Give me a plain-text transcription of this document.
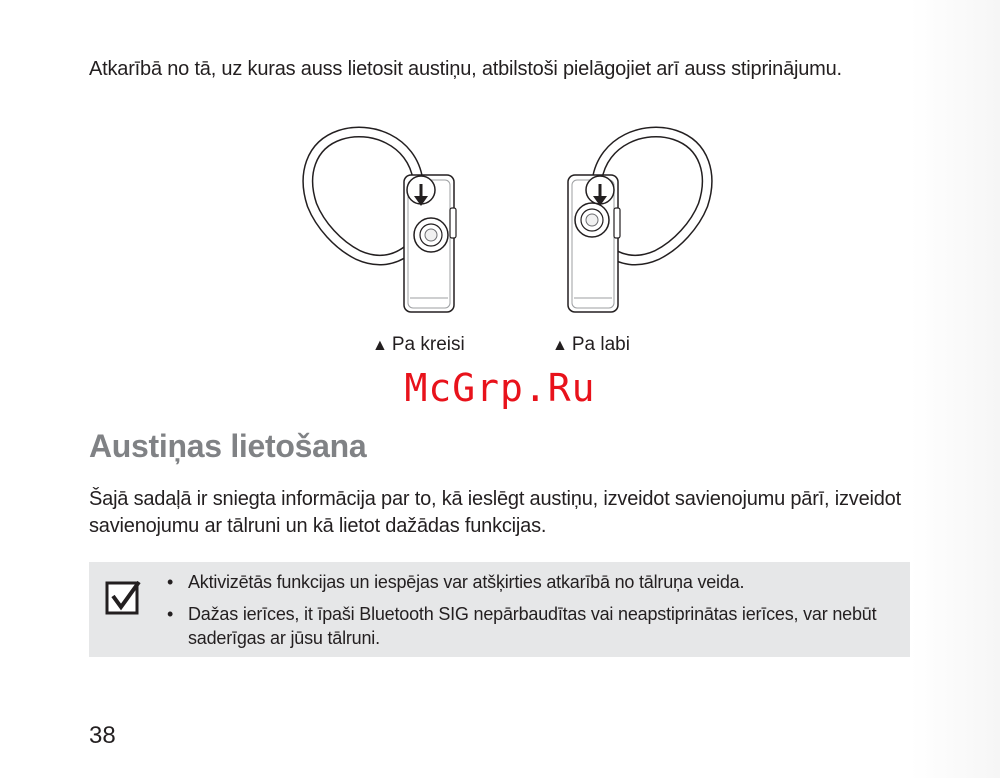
Atkarībā no tā, uz kuras auss lietosit austiņu, atbilstoši pielāgojiet arī auss stiprinājumu.

▲ Pa kreisi	▲ Pa labi
McGrp.Ru
Austiņas lietošana

Šajā sadaļā ir sniegta informācija par to, kā ieslēgt austiņu, izveidot savienojumu pārī, izveidot savienojumu ar tālruni un kā lietot dažādas funkcijas.

• Aktivizētās funkcijas un iespējas var atšķirties atkarībā no tālruņa veida.
• Dažas ierīces, it īpaši Bluetooth SIG nepārbaudītas vai neapstiprinātas ierīces, var nebūt saderīgas ar jūsu tālruni.
38
